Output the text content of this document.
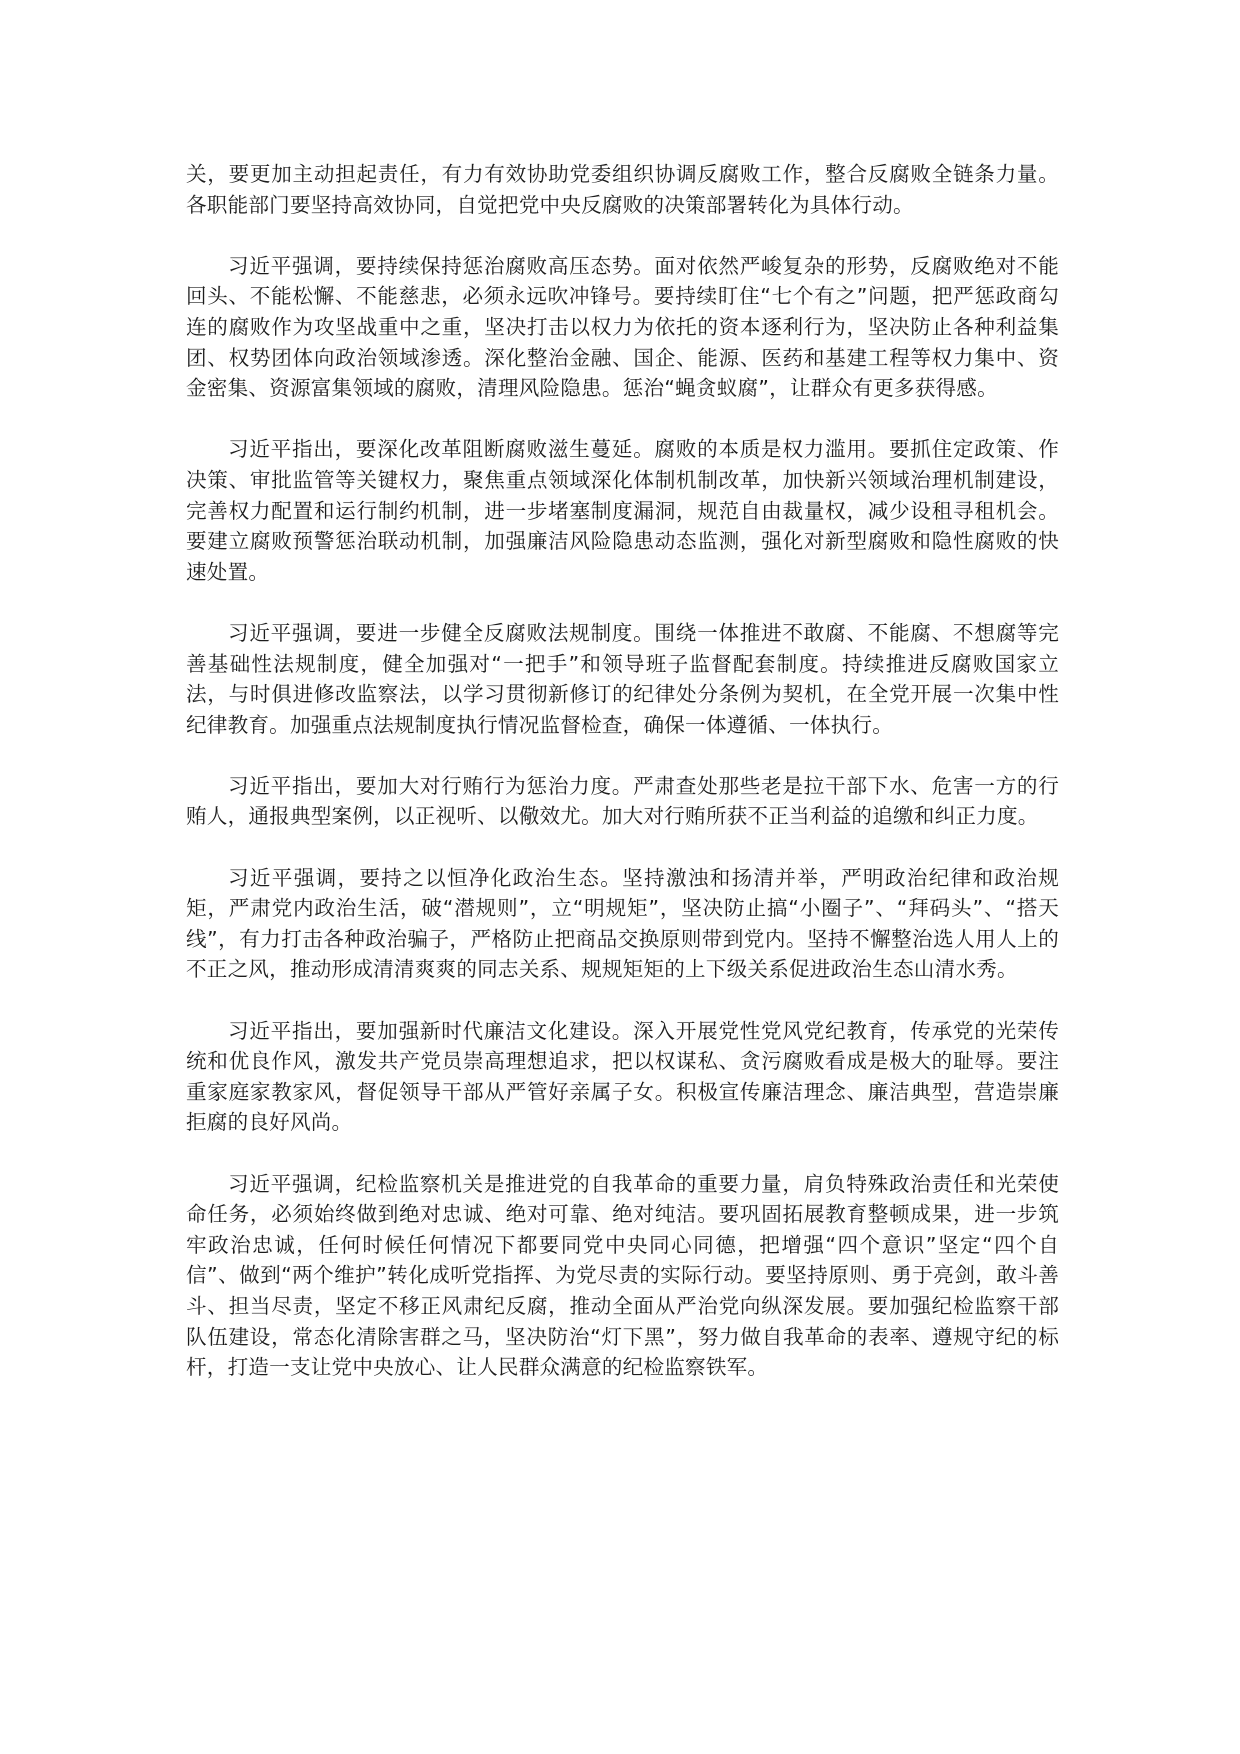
关，要更加主动担起责任，有力有效协助党委组织协调反腐败工作，整合反腐败全链条力量。各职能部门要坚持高效协同，自觉把党中央反腐败的决策部署转化为具体行动。

习近平强调，要持续保持惩治腐败高压态势。面对依然严峻复杂的形势，反腐败绝对不能回头、不能松懈、不能慈悲，必须永远吹冲锋号。要持续盯住“七个有之”问题，把严惩政商勾连的腐败作为攻坚战重中之重，坚决打击以权力为依托的资本逐利行为，坚决防止各种利益集团、权势团体向政治领域渗透。深化整治金融、国企、能源、医药和基建工程等权力集中、资金密集、资源富集领域的腐败，清理风险隐患。惩治“蝇贪蚁腐”，让群众有更多获得感。

习近平指出，要深化改革阻断腐败滋生蔓延。腐败的本质是权力滥用。要抓住定政策、作决策、审批监管等关键权力，聚焦重点领域深化体制机制改革，加快新兴领域治理机制建设，完善权力配置和运行制约机制，进一步堵塞制度漏洞，规范自由裁量权，减少设租寻租机会。要建立腐败预警惩治联动机制，加强廉洁风险隐患动态监测，强化对新型腐败和隐性腐败的快速处置。

习近平强调，要进一步健全反腐败法规制度。围绕一体推进不敢腐、不能腐、不想腐等完善基础性法规制度，健全加强对“一把手”和领导班子监督配套制度。持续推进反腐败国家立法，与时俱进修改监察法，以学习贯彻新修订的纪律处分条例为契机，在全党开展一次集中性纪律教育。加强重点法规制度执行情况监督检查，确保一体遵循、一体执行。

习近平指出，要加大对行贿行为惩治力度。严肃查处那些老是拉干部下水、危害一方的行贿人，通报典型案例，以正视听、以儆效尤。加大对行贿所获不正当利益的追缴和纠正力度。

习近平强调，要持之以恒净化政治生态。坚持激浊和扬清并举，严明政治纪律和政治规矩，严肃党内政治生活，破“潜规则”，立“明规矩”，坚决防止搞“小圈子”、“拜码头”、“搭天线”，有力打击各种政治骗子，严格防止把商品交换原则带到党内。坚持不懈整治选人用人上的不正之风，推动形成清清爽爽的同志关系、规规矩矩的上下级关系促进政治生态山清水秀。

习近平指出，要加强新时代廉洁文化建设。深入开展党性党风党纪教育，传承党的光荣传统和优良作风，激发共产党员崇高理想追求，把以权谋私、贪污腐败看成是极大的耻辱。要注重家庭家教家风，督促领导干部从严管好亲属子女。积极宣传廉洁理念、廉洁典型，营造崇廉拒腐的良好风尚。

习近平强调，纪检监察机关是推进党的自我革命的重要力量，肩负特殊政治责任和光荣使命任务，必须始终做到绝对忠诚、绝对可靠、绝对纯洁。要巩固拓展教育整顿成果，进一步筑牢政治忠诚，任何时候任何情况下都要同党中央同心同德，把增强“四个意识”坚定“四个自信”、做到“两个维护”转化成听党指挥、为党尽责的实际行动。要坚持原则、勇于亮剑，敢斗善斗、担当尽责，坚定不移正风肃纪反腐，推动全面从严治党向纵深发展。要加强纪检监察干部队伍建设，常态化清除害群之马，坚决防治“灯下黑”，努力做自我革命的表率、遵规守纪的标杆，打造一支让党中央放心、让人民群众满意的纪检监察铁军。
